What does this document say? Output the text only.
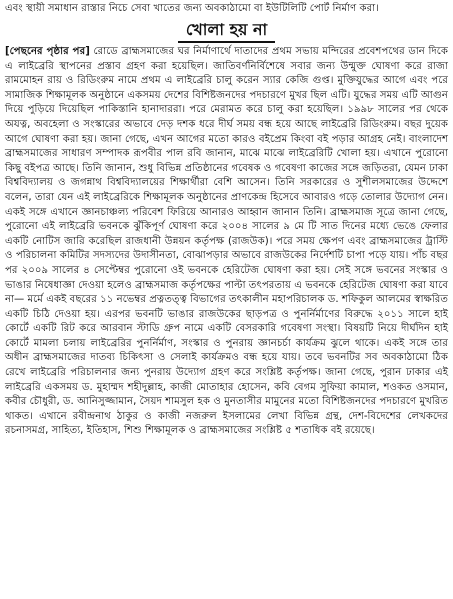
এবং স্থায়ী সমাধান রাস্তার নিচে সেবা খাতের জন্য অবকাঠামো বা ইউটিলিটি পোর্ট নির্মাণ করা।
খোলা হয় না

[পেছনের পৃষ্ঠার পর] রোডে ব্রাহ্মসমাজের ঘর নির্মাণার্থে দাতাদের প্রথম সভায় মন্দিরের প্রবেশপথের ডান দিকে এ লাইব্রেরি স্থাপনের প্রস্তাব গ্রহণ করা হয়েছিল। জাতিবর্ণনির্বিশেষে সবার জন্য উন্মুক্ত ঘোষণা করে রাজা রামমোহন রায় ও রিডিংরুম নামে প্রথম এ লাইব্রেরি চালু করেন স্যার কেজি গুপ্ত। মুক্তিযুদ্ধের আগে এবং পরে সামাজিক শিক্ষামূলক অনুষ্ঠানে একসময় দেশের বিশিষ্টজনদের পদচারণে মুখর ছিল এটি। যুদ্ধের সময় এটি আগুন দিয়ে পুড়িয়ে দিয়েছিল পাকিস্তানি হানাদাররা। পরে মেরামত করে চালু করা হয়েছিল। ১৯৯৮ সালের পর থেকে অযত্ন, অবহেলা ও সংস্কারের অভাবে দেড় দশক ধরে দীর্ঘ সময় বন্ধ হয়ে আছে লাইব্রেরি রিডিংরুম। বছর দুয়েক আগে ঘোষণা করা হয়। জানা গেছে, এখন আগের মতো কারও বইপ্রেম কিংবা বই পড়ার আগ্রহ নেই। বাংলাদেশ ব্রাহ্মসমাজের সাধারণ সম্পাদক রূপবীর পাল রবি জানান, মাঝে মাঝে লাইব্রেরিটি খোলা হয়। এখানে পুরোনো কিছু বইপত্র আছে। তিনি জানান, শুধু বিভিন্ন প্রতিষ্ঠানের গবেষক ও গবেষণা কাজের সঙ্গে জড়িতরা, যেমন ঢাকা বিশ্ববিদ্যালয় ও জগন্নাথ বিশ্ববিদ্যালয়ের শিক্ষার্থীরা বেশি আসেন। তিনি সরকারের ও সুশীলসমাজের উদ্দেশে বলেন, তারা যেন এই লাইব্রেরিকে শিক্ষামূলক অনুষ্ঠানের প্রাণকেন্দ্র হিসেবে আবারও গড়ে তোলার উদ্যোগ নেন। একই সঙ্গে এখানে জ্ঞানচাঞ্চল্য পরিবেশ ফিরিয়ে আনারও আহ্বান জানান তিনি। ব্রাহ্মসমাজ সূত্রে জানা গেছে, পুরোনো এই লাইব্রেরি ভবনকে ঝুঁকিপূর্ণ ঘোষণা করে ২০০৪ সালের ৯ মে টি সাত দিনের মধ্যে ভেঙে ফেলার একটি নোটিস জারি করেছিল রাজধানী উন্নয়ন কর্তৃপক্ষ (রাজউক)। পরে সময় ক্ষেপণ এবং ব্রাহ্মসমাজের ট্রাস্টি ও পরিচালনা কমিটির সদস্যদের উদাসীনতা, বোঝাপড়ার অভাবে রাজউকের নির্দেশটি চাপা পড়ে যায়। পাঁচ বছর পর ২০০৯ সালের ৪ সেপ্টেম্বর পুরোনো ওই ভবনকে হেরিটেজ ঘোষণা করা হয়। সেই সঙ্গে ভবনের সংস্কার ও ভাঙার নিষেধাজ্ঞা দেওয়া হলেও ব্রাহ্মসমাজ কর্তৃপক্ষের পাল্টা তৎপরতায় এ ভবনকে হেরিটেজ ঘোষণা করা যাবে না— মর্মে একই বছরের ১১ নভেম্বর প্রত্নতত্ত্ব বিভাগের তৎকালীন মহাপরিচালক ড. শফিকুল আলমের স্বাক্ষরিত একটি চিঠি দেওয়া হয়। এরপর ভবনটি ভাঙার রাজউকের ছাড়পত্র ও পুনর্নির্মাণের বিরুদ্ধে ২০১১ সালে হাই কোর্টে একটি রিট করে আরবান স্টাডি গ্রুপ নামে একটি বেসরকারি গবেষণা সংস্থা। বিষয়টি নিয়ে দীর্ঘদিন হাই কোর্টে মামলা চলায় লাইব্রেরির পুনর্নির্মাণ, সংস্কার ও পুনরায় জ্ঞানচর্চা কার্যক্রম ঝুলে থাকে। একই সঙ্গে তার অধীন ব্রাহ্মসমাজের দাতব্য চিকিৎসা ও সেলাই কার্যক্রমও বন্ধ হয়ে যায়। তবে ভবনটির সব অবকাঠামো ঠিক রেখে লাইব্রেরি পরিচালনার জন্য পুনরায় উদ্যোগ গ্রহণ করে সংশ্লিষ্ট কর্তৃপক্ষ। জানা গেছে, পুরান ঢাকার এই লাইব্রেরি একসময় ড. মুহাম্মদ শহীদুল্লাহ, কাজী মোতাহার হোসেন, কবি বেগম সুফিয়া কামাল, শওকত ওসমান, কবীর চৌধুরী, ড. আনিসুজ্জামান, সৈয়দ শামসুল হক ও মুনতাসীর মামুনের মতো বিশিষ্টজনদের পদচারণে মুখরিত থাকত। এখানে রবীন্দ্রনাথ ঠাকুর ও কাজী নজরুল ইসলামের লেখা বিভিন্ন গ্রন্থ, দেশ-বিদেশের লেখকদের রচনাসমগ্র, সাহিত্য, ইতিহাস, শিশু শিক্ষামূলক ও ব্রাহ্মসমাজের সংশ্লিষ্ট ৫ শতাধিক বই রয়েছে।
